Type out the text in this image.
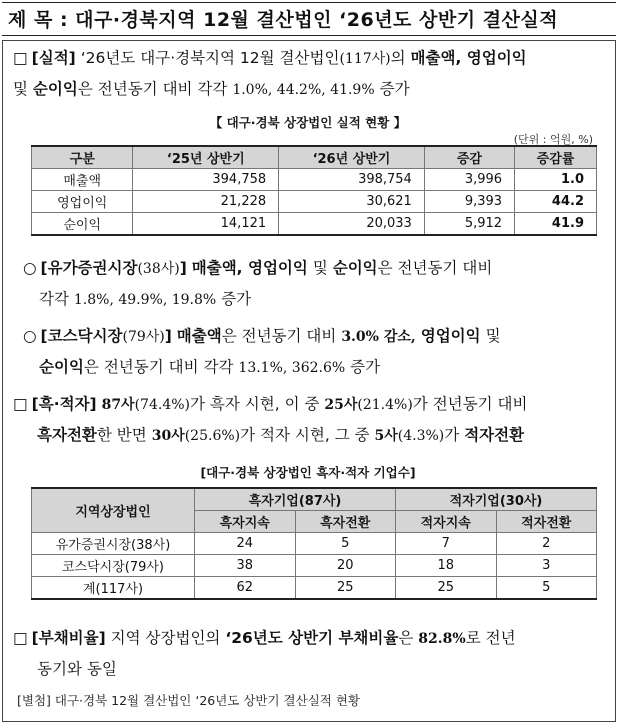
제 목 : 대구·경북지역 12월 결산법인 ‘26년도 상반기 결산실적
□ [실적] ‘26년도 대구·경북지역 12월 결산법인(117사)의 매출액, 영업이익
및 순이익은 전년동기 대비 각각 1.0%, 44.2%, 41.9% 증가
【 대구·경북 상장법인 실적 현황 】
(단위 : 억원, %)
구분	‘25년 상반기	‘26년 상반기	증감	증감률
매출액	394,758	398,754	3,996	1.0
영업이익	21,228	30,621	9,393	44.2
순이익	14,121	20,033	5,912	41.9
○ [유가증권시장(38사)] 매출액, 영업이익 및 순이익은 전년동기 대비
각각 1.8%, 49.9%, 19.8% 증가
○ [코스닥시장(79사)] 매출액은 전년동기 대비 3.0% 감소, 영업이익 및
순이익은 전년동기 대비 각각 13.1%, 362.6% 증가
□ [흑·적자] 87사(74.4%)가 흑자 시현, 이 중 25사(21.4%)가 전년동기 대비
흑자전환한 반면 30사(25.6%)가 적자 시현, 그 중 5사(4.3%)가 적자전환
[대구·경북 상장법인 흑자·적자 기업수]
지역상장법인	흑자기업(87사)		적자기업(30사)	
	흑자지속	흑자전환	적자지속	적자전환
유가증권시장(38사)	24	5	7	2
코스닥시장(79사)	38	20	18	3
계(117사)	62	25	25	5
□ [부채비율] 지역 상장법인의 ‘26년도 상반기 부채비율은 82.8%로 전년
동기와 동일
[별첨] 대구·경북 12월 결산법인 ‘26년도 상반기 결산실적 현황
